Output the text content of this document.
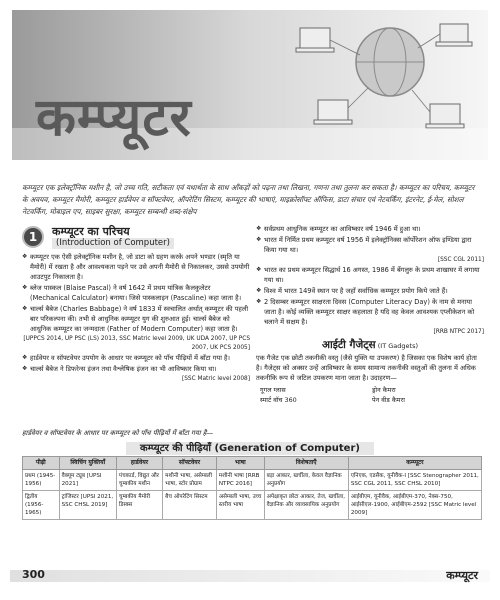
कम्प्यूटर
कम्प्यूटर एक इलेक्ट्रॉनिक मशीन है, जो उच्च गति, सटीकता एवं यथार्थता के साथ आँकड़ों को पढ़ना तथा लिखना, गणना तथा तुलना कर सकता है। कम्प्यूटर का परिचय, कम्प्यूटर के अवयव, कम्प्यूटर मैमोरी, कम्प्यूटर हार्डवेयर व सॉफ्टवेयर, ऑपरेटिंग सिस्टम, कम्प्यूटर की भाषाएं, माइक्रोसॉफ्ट ऑफिस, डाटा संचार एवं नेटवर्किंग, इंटरनेट, ई-मेल, सोशल नेटवर्किंग, मोबाइल एप, साइबर सुरक्षा, कम्प्यूटर सम्बन्धी शब्द-संक्षेप
1	कम्प्यूटर का परिचय
(Introduction of Computer)
❖ कम्प्यूटर एक ऐसी इलेक्ट्रॉनिक मशीन है, जो डाटा को ग्रहण करके अपने भण्डार (स्मृति या मैमोरी) में रखता है और आवश्यकता पड़ने पर उसे अपनी मैमोरी से निकालकर, उससे उपयोगी आउटपुट निकालता है।
❖ ब्लेज पास्कल (Blaise Pascal) ने वर्ष 1642 में प्रथम यांत्रिक कैलकुलेटर (Mechanical Calculator) बनाया। जिसे पास्कलाइन (Pascaline) कहा जाता है।
❖ चार्ल्स बैबेज (Charles Babbage) ने वर्ष 1833 में स्वचालित अर्थात् कम्प्यूटर की पहली बार परिकल्पना की। तभी से आधुनिक कम्प्यूटर युग की शुरुआत हुई। चार्ल्स बैबेज को आधुनिक कम्प्यूटर का जन्मदाता (Father of Modern Computer) कहा जाता है।
[UPPCS 2014, UP PSC (LS) 2013, SSC Matric level 2009, UK UDA 2007, UP PCS 2007, UK PCS 2005]
❖ हार्डवेयर व सॉफ्टवेयर उपयोग के आधार पर कम्प्यूटर को पाँच पीढ़ियों में बाँटा गया है।
❖ चार्ल्स बैबेज ने डिफरेन्स इंजन तथा वैश्लेषिक इंजन का भी आविष्कार किया था।
[SSC Matric level 2008]
❖ सर्वप्रथम आधुनिक कम्प्यूटर का आविष्कार वर्ष 1946 में हुआ था।
❖ भारत में निर्मित प्रथम कम्प्यूटर वर्ष 1956 में इलेक्ट्रॉनिक्स कॉर्पोरेशन ऑफ इण्डिया द्वारा किया गया था।
[SSC CGL 2011]
❖ भारत का प्रथम कम्प्यूटर सिद्धार्थ 16 अगस्त, 1986 में बेंगलुरु के प्रथम शाखाघर में लगाया गया था।
❖ विश्व में भारत 149वें स्थान पर है जहाँ सर्वाधिक कम्प्यूटर प्रयोग किये जाते हैं।
❖ 2 दिसम्बर कम्प्यूटर साक्षरता दिवस (Computer Literacy Day) के नाम से मनाया जाता है। कोई व्यक्ति कम्प्यूटर साक्षर कहलाता है यदि वह केवल आवश्यक एप्लीकेशन को चलाने में सक्षम है।
[RRB NTPC 2017]
आईटी गैजेट्स (IT Gadgets)
एक गैजेट एक छोटी तकनीकी वस्तु (जैसे युक्ति या उपकरण) है जिसका एक विशेष कार्य होता है। गैजेट्स को अक्सर उन्हें आविष्कार के समय सामान्य तकनीकी वस्तुओं की तुलना में अधिक तकनीकि रूप से जटिल उपकरण माना जाता है। उदाहरण—
गूगल ग्लास	ड्रोन कैमरा
स्मार्ट वॉच 360	पेन वीड कैमरा
हार्डवेयर व सॉफ्टवेयर के आधार पर कम्प्यूटर को पाँच पीढ़ियों में बाँटा गया है—
कम्प्यूटर की पीढ़ियाँ (Generation of Computer)
पीढ़ी	स्विचिंग युक्तियाँ	हार्डवेयर	सॉफ्टवेयर	भाषा	विशेषताएँ	कम्प्यूटर
प्रथम (1945-1956)	वैक्यूम ट्यूब [UPSI 2021]	पंचकार्ड, विद्युत और चुम्बकीय मशीन	मशीनी भाषा, असेम्बली भाषा, स्टोर प्रोग्राम	मशीनी भाषा [RRB NTPC 2016]	बड़ा आकार, खर्चीला, केवल वैज्ञानिक अनुप्रयोग	एनिएक, एडसैक, यूनीवैक-I [SSC Stenographer 2011, SSC CGL 2011, SSC CHSL 2010]
द्वितीय (1956-1965)	ट्रांजिस्टर [UPSI 2021, SSC CHSL 2019]	चुम्बकीय मैमोरी डिस्क्स	बैच ऑपरेटिंग सिस्टम	असेम्बली भाषा, उच्च स्तरीय भाषा	अपेक्षाकृत छोटा आकार, तेज, खर्चीला, वैज्ञानिक और व्यावसायिक अनुप्रयोग	आईबीएम, यूनीवैक, आईबीएम-370, नेक्स-750, आईसीएल-1900, आईबीएम-2592 [SSC Matric level 2009]
300	कम्प्यूटर
